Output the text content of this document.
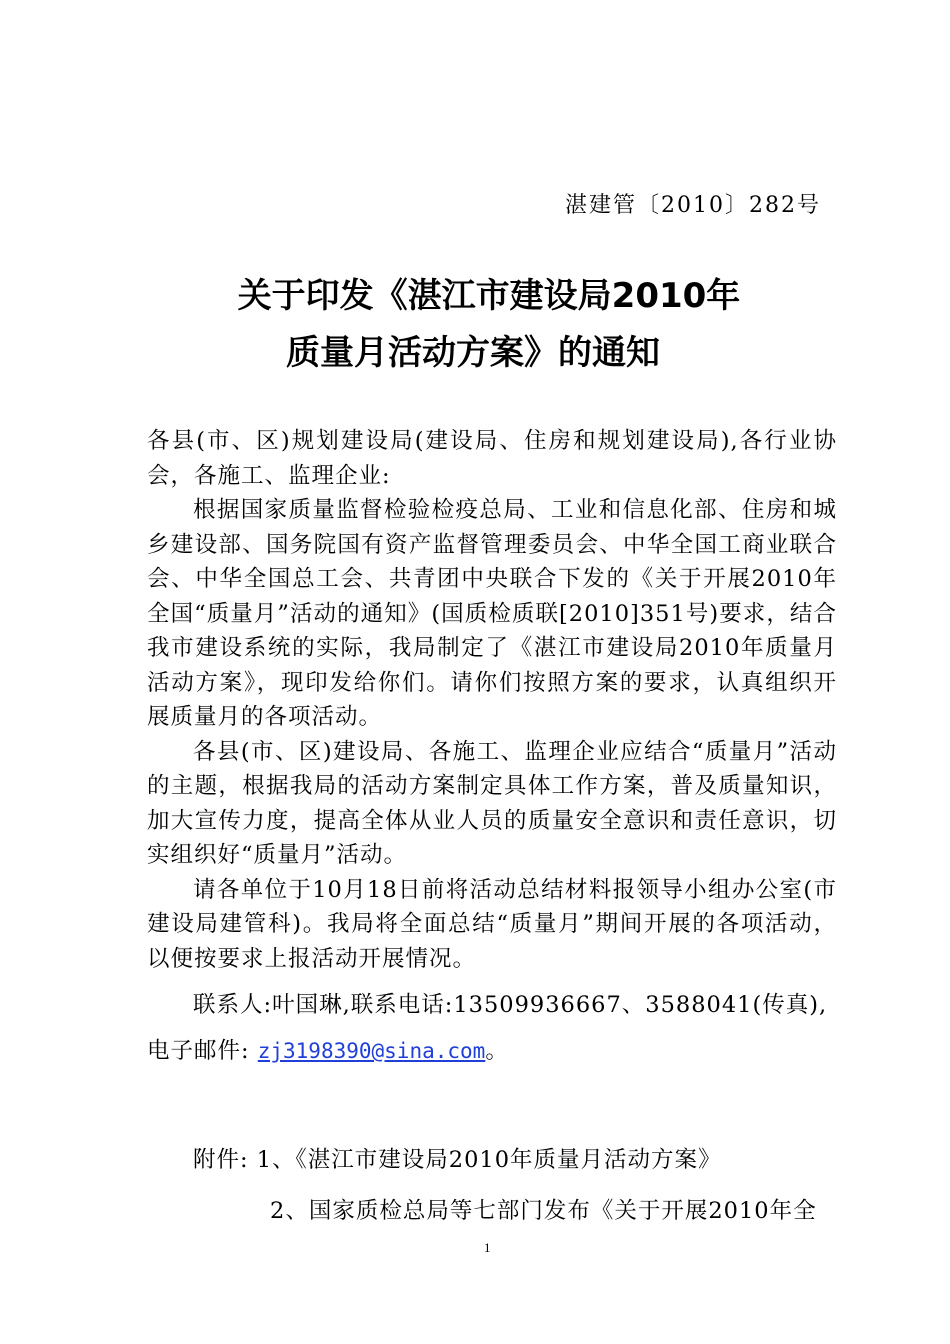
湛建管〔2010〕282号
关于印发《湛江市建设局2010年
质量月活动方案》的通知

各县(市、区)规划建设局(建设局、住房和规划建设局),各行业协会，各施工、监理企业:

根据国家质量监督检验检疫总局、工业和信息化部、住房和城乡建设部、国务院国有资产监督管理委员会、中华全国工商业联合会、中华全国总工会、共青团中央联合下发的《关于开展2010年全国“质量月”活动的通知》(国质检质联[2010]351号)要求，结合我市建设系统的实际，我局制定了《湛江市建设局2010年质量月活动方案》，现印发给你们。请你们按照方案的要求，认真组织开展质量月的各项活动。

各县(市、区)建设局、各施工、监理企业应结合“质量月”活动的主题，根据我局的活动方案制定具体工作方案，普及质量知识，加大宣传力度，提高全体从业人员的质量安全意识和责任意识，切实组织好“质量月”活动。

请各单位于10月18日前将活动总结材料报领导小组办公室(市建设局建管科)。我局将全面总结“质量月”期间开展的各项活动，以便按要求上报活动开展情况。

联系人:叶国琳,联系电话:13509936667、3588041(传真),
电子邮件: zj3198390@sina.com。
附件: 1、《湛江市建设局2010年质量月活动方案》
2、国家质检总局等七部门发布《关于开展2010年全
1
